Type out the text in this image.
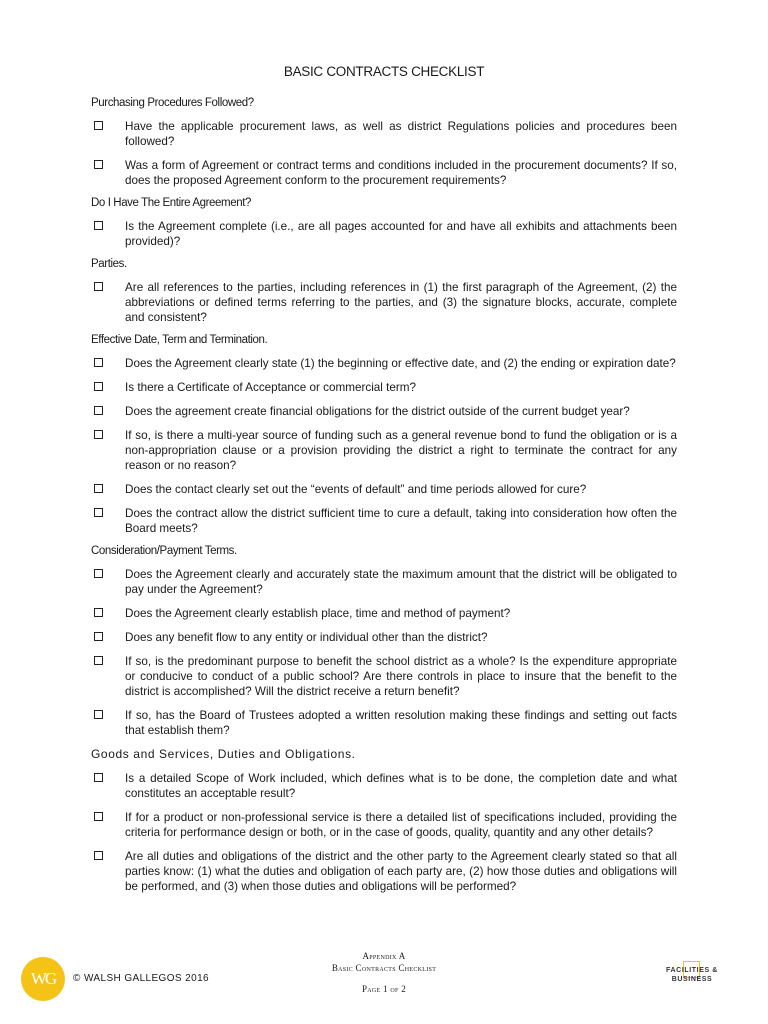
BASIC CONTRACTS CHECKLIST
Purchasing Procedures Followed?
Have the applicable procurement laws, as well as district Regulations policies and procedures been followed?
Was a form of Agreement or contract terms and conditions included in the procurement documents? If so, does the proposed Agreement conform to the procurement requirements?
Do I Have The Entire Agreement?
Is the Agreement complete (i.e., are all pages accounted for and have all exhibits and attachments been provided)?
Parties.
Are all references to the parties, including references in (1) the first paragraph of the Agreement, (2) the abbreviations or defined terms referring to the parties, and (3) the signature blocks, accurate, complete and consistent?
Effective Date, Term and Termination.
Does the Agreement clearly state (1) the beginning or effective date, and (2) the ending or expiration date?
Is there a Certificate of Acceptance or commercial term?
Does the agreement create financial obligations for the district outside of the current budget year?
If so, is there a multi-year source of funding such as a general revenue bond to fund the obligation or is a non-appropriation clause or a provision providing the district a right to terminate the contract for any reason or no reason?
Does the contact clearly set out the “events of default” and time periods allowed for cure?
Does the contract allow the district sufficient time to cure a default, taking into consideration how often the Board meets?
Consideration/Payment Terms.
Does the Agreement clearly and accurately state the maximum amount that the district will be obligated to pay under the Agreement?
Does the Agreement clearly establish place, time and method of payment?
Does any benefit flow to any entity or individual other than the district?
If so, is the predominant purpose to benefit the school district as a whole? Is the expenditure appropriate or conducive to conduct of a public school? Are there controls in place to insure that the benefit to the district is accomplished? Will the district receive a return benefit?
If so, has the Board of Trustees adopted a written resolution making these findings and setting out facts that establish them?
Goods and Services, Duties and Obligations.
Is a detailed Scope of Work included, which defines what is to be done, the completion date and what constitutes an acceptable result?
If for a product or non-professional service is there a detailed list of specifications included, providing the criteria for performance design or both, or in the case of goods, quality, quantity and any other details?
Are all duties and obligations of the district and the other party to the Agreement clearly stated so that all parties know: (1) what the duties and obligation of each party are, (2) how those duties and obligations will be performed, and (3) when those duties and obligations will be performed?
Appendix A
Basic Contracts Checklist
Page 1 of 2
WG © WALSH GALLEGOS 2016
FACILITIES &
BUSINESS
